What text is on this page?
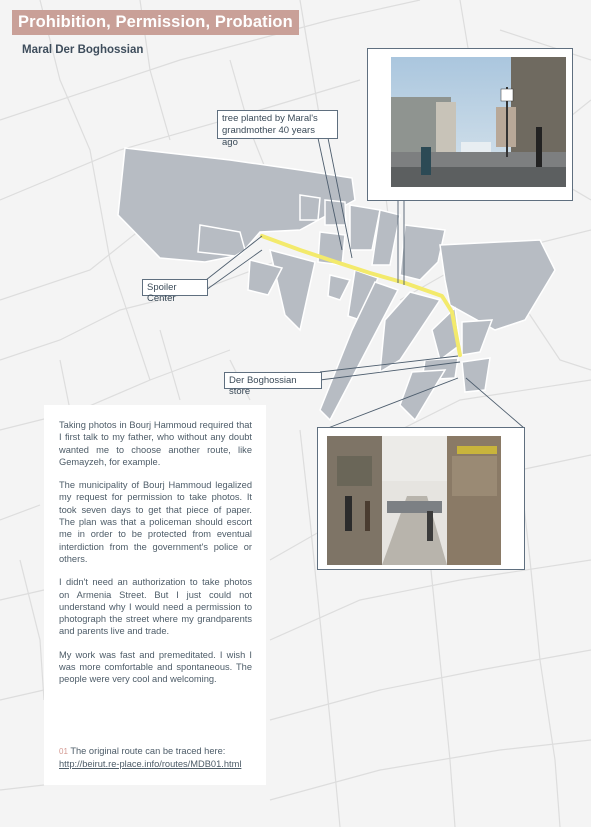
Prohibition, Permission, Probation
Maral Der Boghossian
tree planted by Maral's grandmother 40 years ago
Spoiler Center
Der Boghossian store

Taking photos in Bourj Hammoud required that I first talk to my father, who without any doubt wanted me to choose another route, like Gemayzeh, for example.

The municipality of Bourj Hammoud legalized my request for permission to take photos. It took seven days to get that piece of paper. The plan was that a policeman should escort me in order to be protected from eventual interdiction from the government's police or others.

I didn't need an authorization to take photos on Armenia Street. But I just could not understand why I would need a permission to photograph the street where my grandparents and parents live and trade.

My work was fast and premeditated. I wish I was more comfortable and spontaneous. The people were very cool and welcoming.

01 The original route can be traced here:
http://beirut.re-place.info/routes/MDB01.html
